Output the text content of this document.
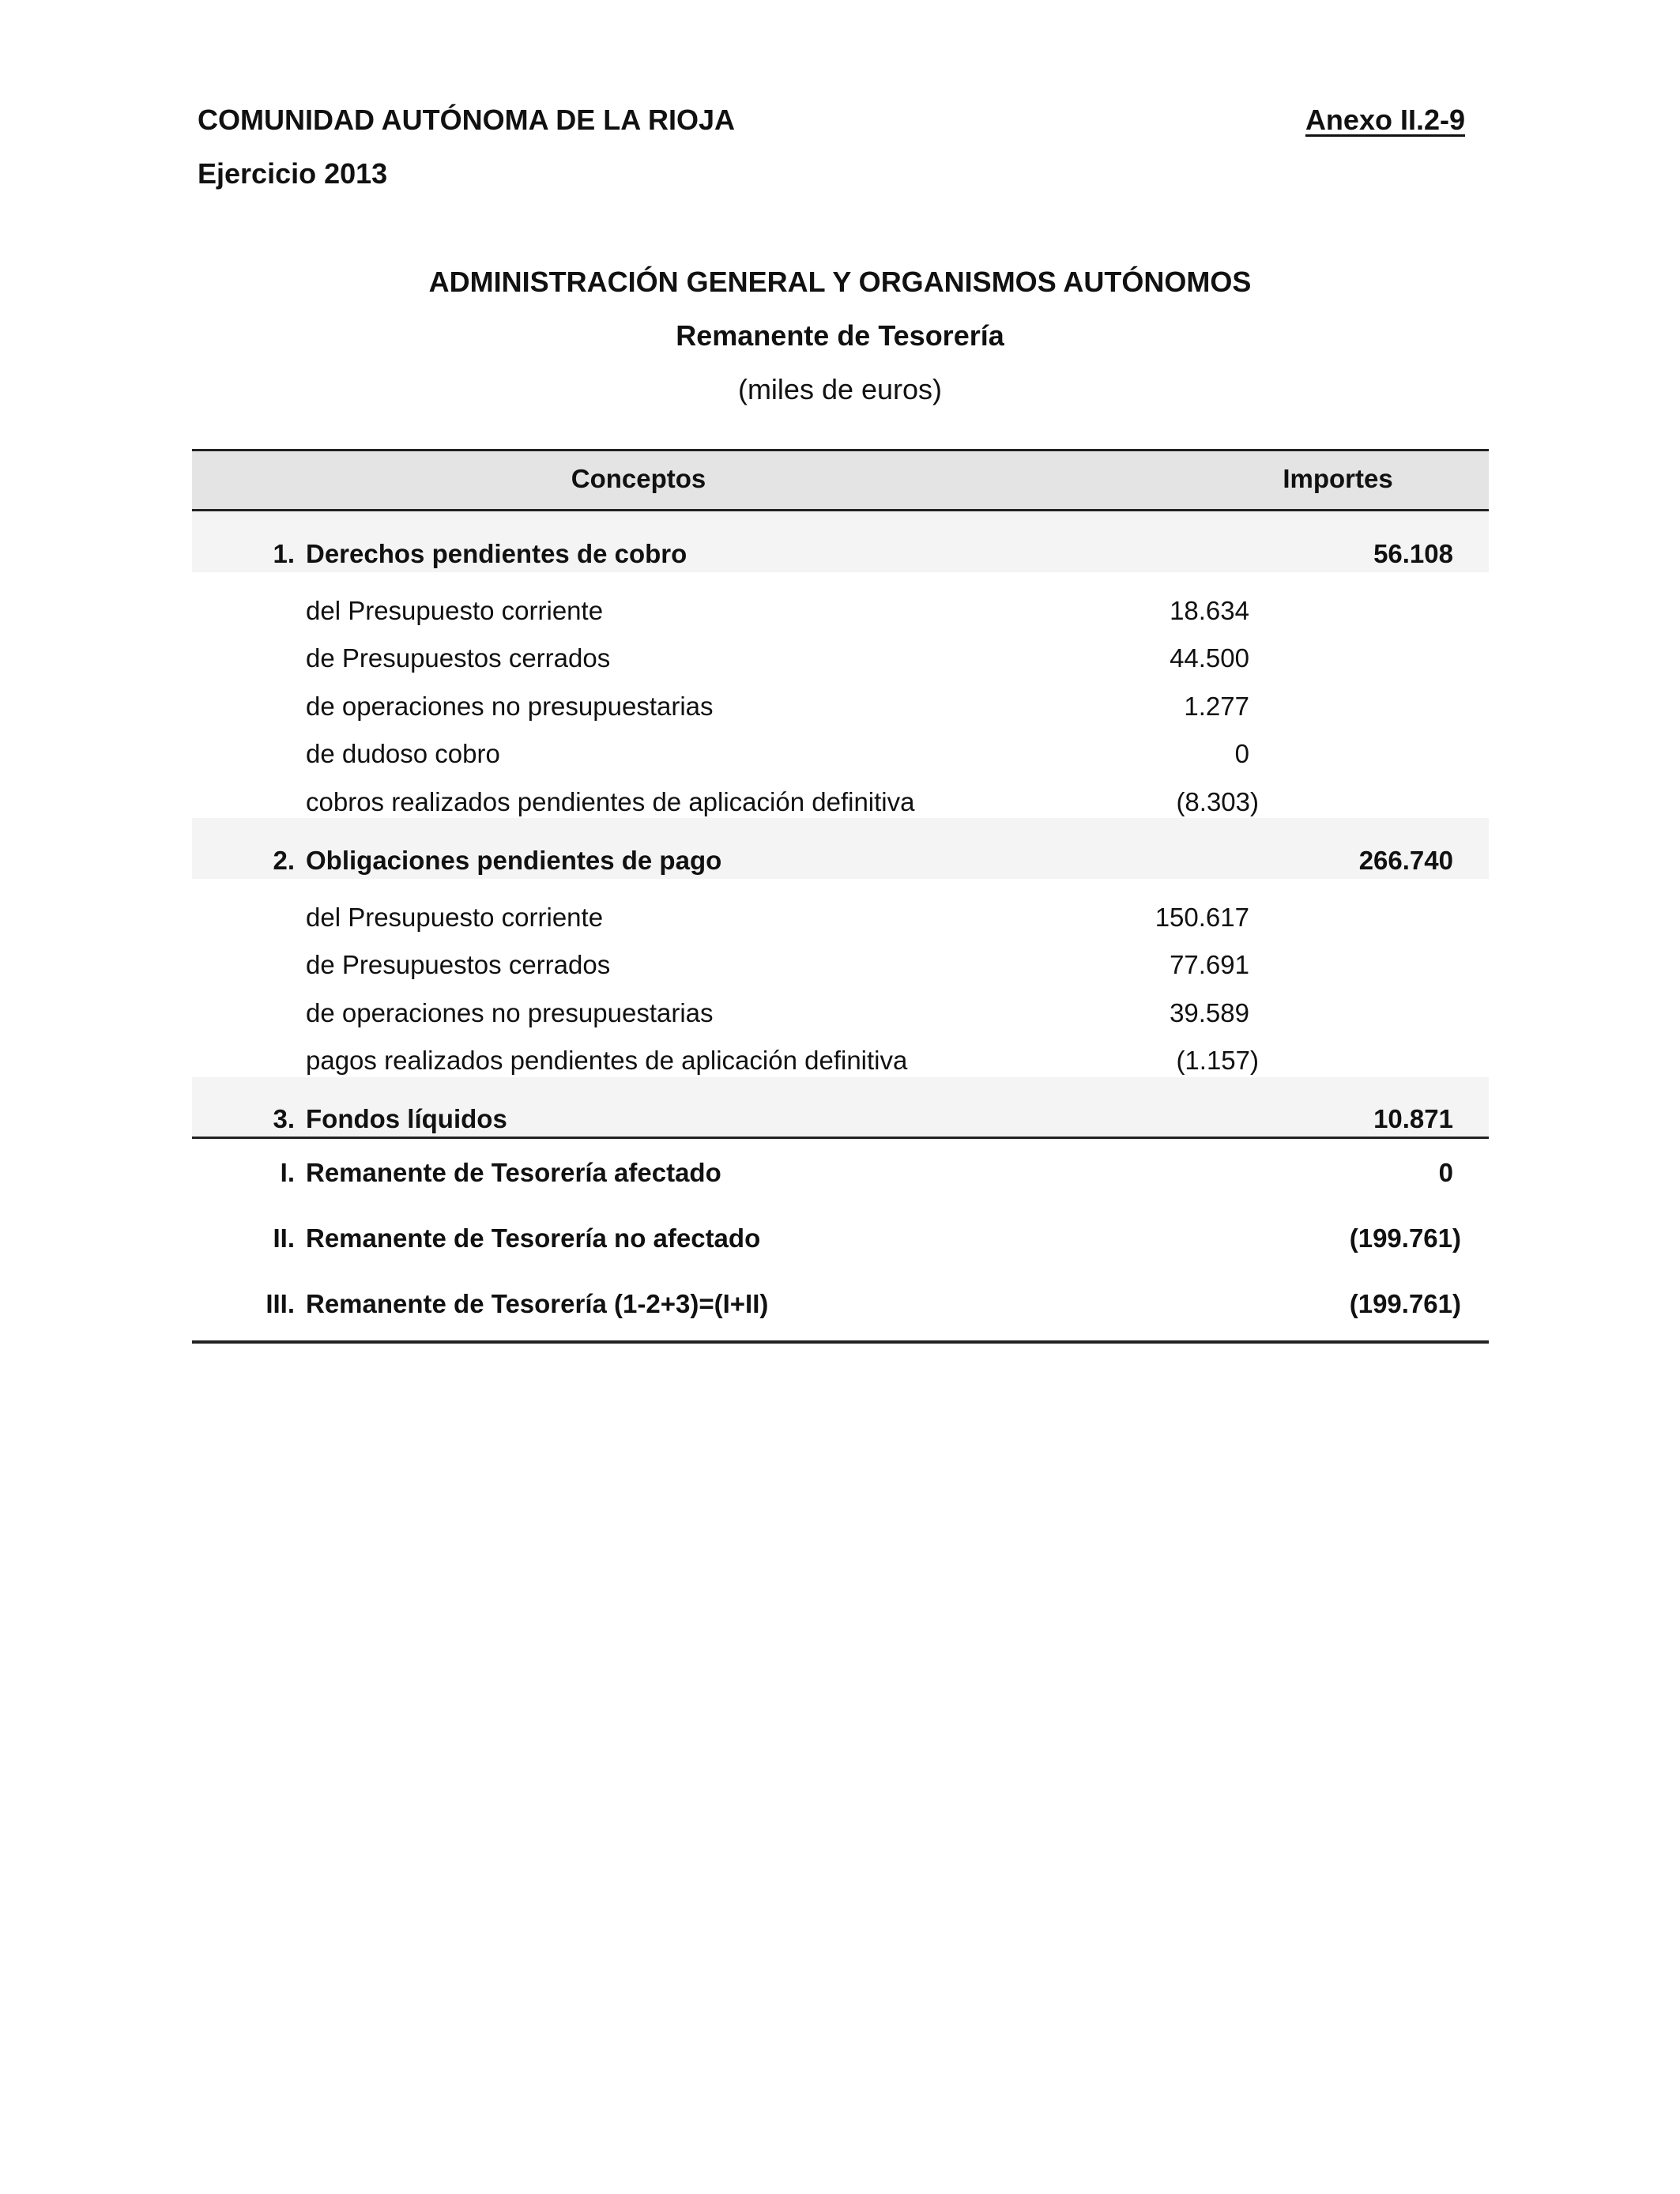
COMUNIDAD AUTÓNOMA DE LA RIOJA
Ejercicio 2013
Anexo II.2-9
ADMINISTRACIÓN GENERAL Y ORGANISMOS AUTÓNOMOS
Remanente de Tesorería
(miles de euros)
Conceptos	Importes
1. Derechos pendientes de cobro	56.108
del Presupuesto corriente	18.634
de Presupuestos cerrados	44.500
de operaciones no presupuestarias	1.277
de dudoso cobro	0
cobros realizados pendientes de aplicación definitiva	(8.303)
2. Obligaciones pendientes de pago	266.740
del Presupuesto corriente	150.617
de Presupuestos cerrados	77.691
de operaciones no presupuestarias	39.589
pagos realizados pendientes de aplicación definitiva	(1.157)
3. Fondos líquidos	10.871
I. Remanente de Tesorería afectado	0
II. Remanente de Tesorería no afectado	(199.761)
III. Remanente de Tesorería (1-2+3)=(I+II)	(199.761)
